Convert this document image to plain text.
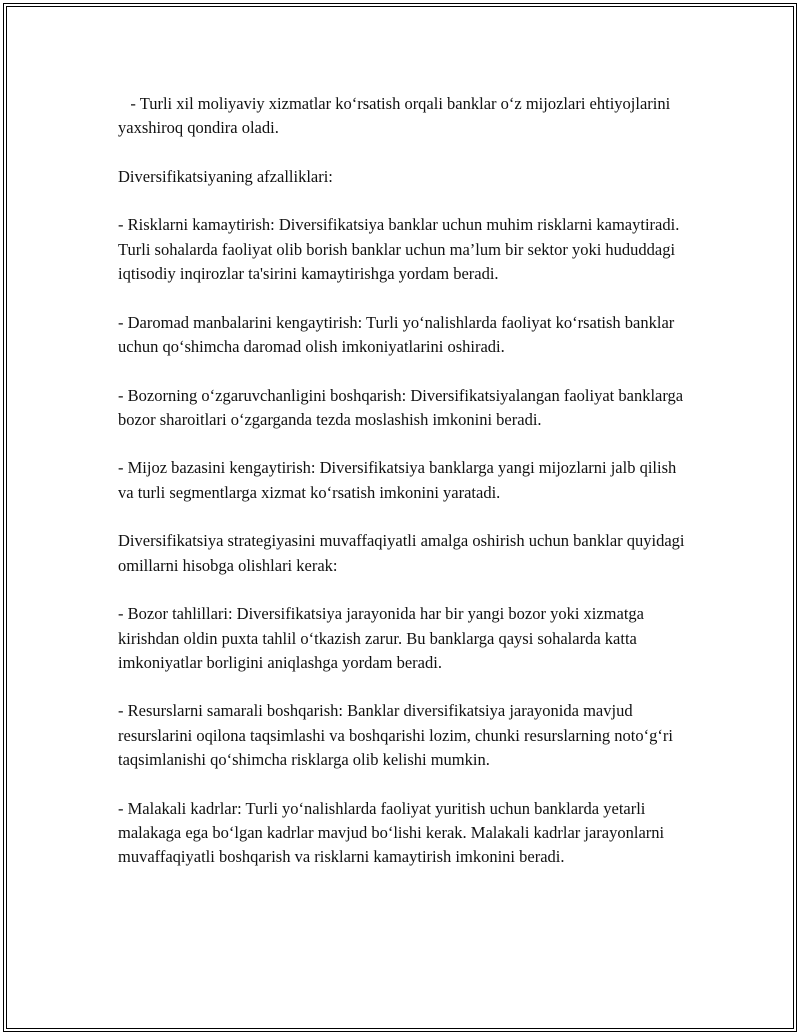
- Turli xil moliyaviy xizmatlar ko‘rsatish orqali banklar o‘z mijozlari ehtiyojlarini yaxshiroq qondira oladi.

Diversifikatsiyaning afzalliklari:

- Risklarni kamaytirish: Diversifikatsiya banklar uchun muhim risklarni kamaytiradi. Turli sohalarda faoliyat olib borish banklar uchun ma’lum bir sektor yoki hududdagi iqtisodiy inqirozlar ta'sirini kamaytirishga yordam beradi.

- Daromad manbalarini kengaytirish: Turli yo‘nalishlarda faoliyat ko‘rsatish banklar uchun qo‘shimcha daromad olish imkoniyatlarini oshiradi.

- Bozorning o‘zgaruvchanligini boshqarish: Diversifikatsiyalangan faoliyat banklarga bozor sharoitlari o‘zgarganda tezda moslashish imkonini beradi.

- Mijoz bazasini kengaytirish: Diversifikatsiya banklarga yangi mijozlarni jalb qilish va turli segmentlarga xizmat ko‘rsatish imkonini yaratadi.

Diversifikatsiya strategiyasini muvaffaqiyatli amalga oshirish uchun banklar quyidagi omillarni hisobga olishlari kerak:

- Bozor tahlillari: Diversifikatsiya jarayonida har bir yangi bozor yoki xizmatga kirishdan oldin puxta tahlil o‘tkazish zarur. Bu banklarga qaysi sohalarda katta imkoniyatlar borligini aniqlashga yordam beradi.

- Resurslarni samarali boshqarish: Banklar diversifikatsiya jarayonida mavjud resurslarini oqilona taqsimlashi va boshqarishi lozim, chunki resurslarning noto‘g‘ri taqsimlanishi qo‘shimcha risklarga olib kelishi mumkin.

- Malakali kadrlar: Turli yo‘nalishlarda faoliyat yuritish uchun banklarda yetarli malakaga ega bo‘lgan kadrlar mavjud bo‘lishi kerak. Malakali kadrlar jarayonlarni muvaffaqiyatli boshqarish va risklarni kamaytirish imkonini beradi.
